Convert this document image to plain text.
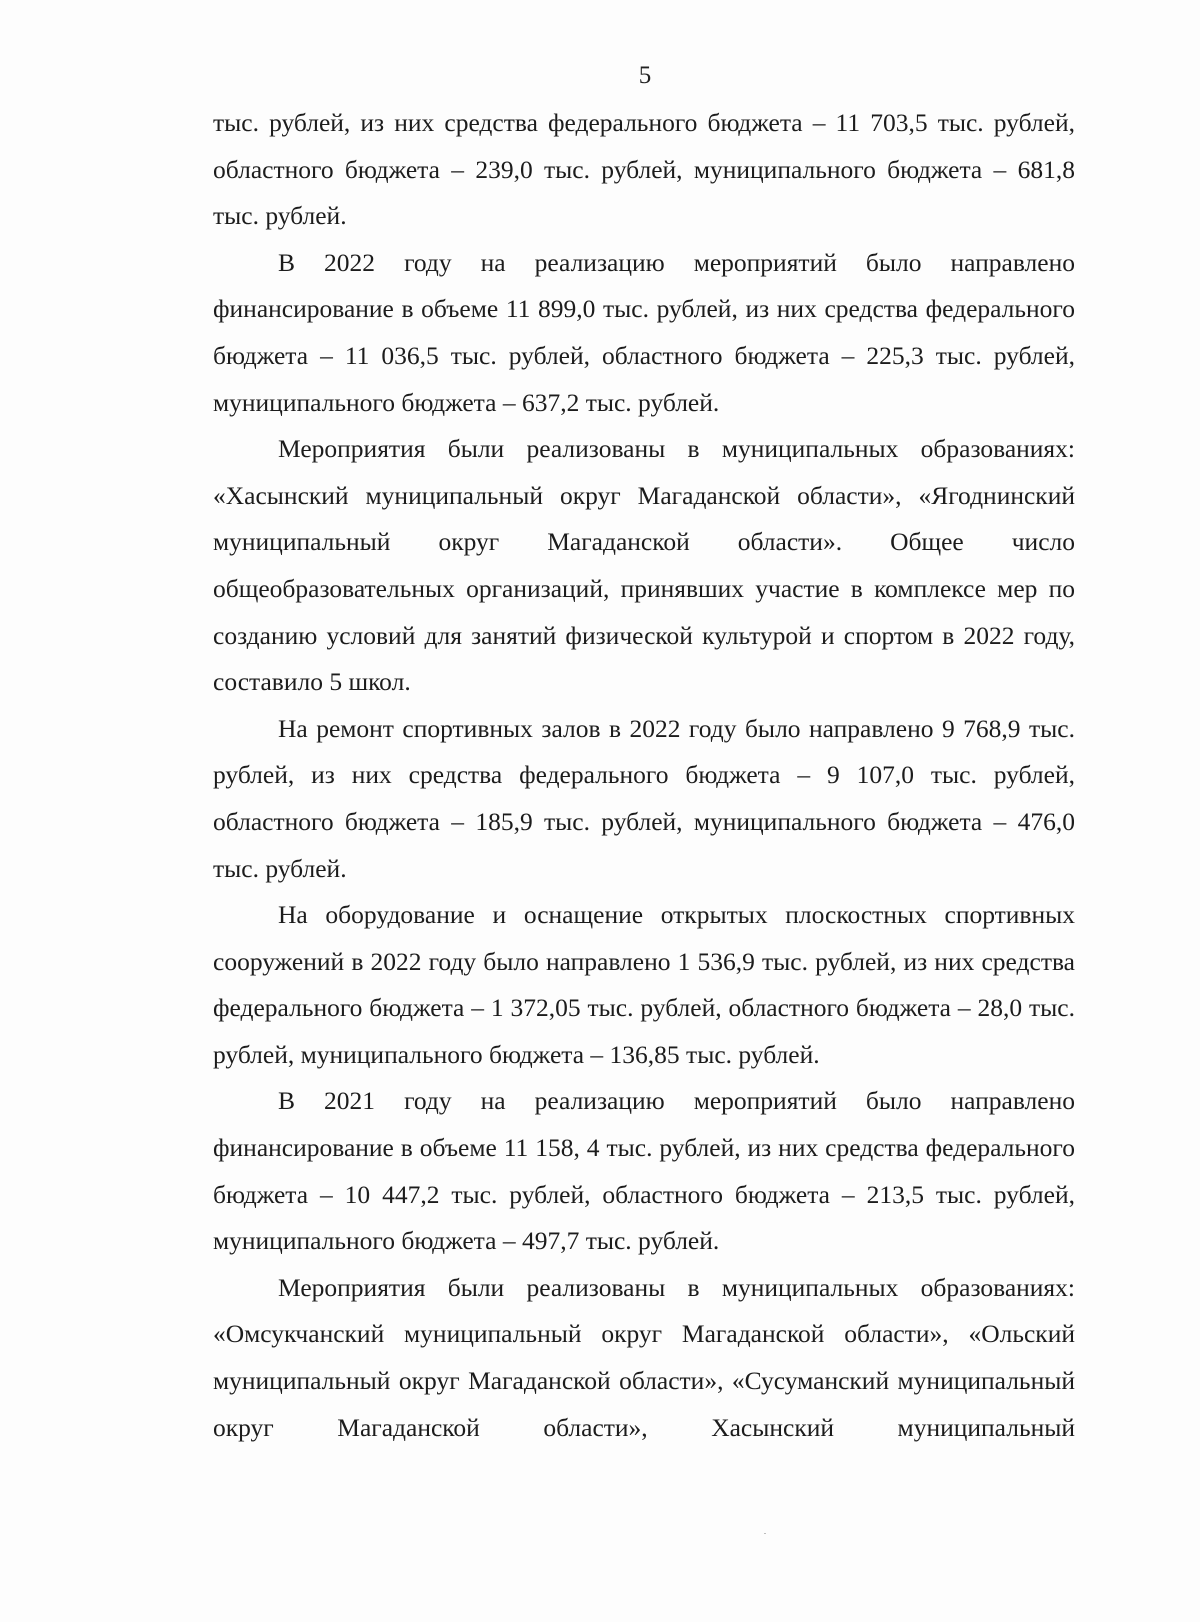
5

тыс. рублей, из них средства федерального бюджета – 11 703,5 тыс. рублей, областного бюджета – 239,0 тыс. рублей, муниципального бюджета – 681,8 тыс. рублей.

В 2022 году на реализацию мероприятий было направлено финансирование в объеме 11 899,0 тыс. рублей, из них средства федерального бюджета – 11 036,5 тыс. рублей, областного бюджета – 225,3 тыс. рублей, муниципального бюджета – 637,2 тыс. рублей.

Мероприятия были реализованы в муниципальных образованиях: «Хасынский муниципальный округ Магаданской области», «Ягоднинский муниципальный округ Магаданской области». Общее число общеобразовательных организаций, принявших участие в комплексе мер по созданию условий для занятий физической культурой и спортом в 2022 году, составило 5 школ.

На ремонт спортивных залов в 2022 году было направлено 9 768,9 тыс. рублей, из них средства федерального бюджета – 9 107,0 тыс. рублей, областного бюджета – 185,9 тыс. рублей, муниципального бюджета – 476,0 тыс. рублей.

На оборудование и оснащение открытых плоскостных спортивных сооружений в 2022 году было направлено 1 536,9 тыс. рублей, из них средства федерального бюджета – 1 372,05 тыс. рублей, областного бюджета – 28,0 тыс. рублей, муниципального бюджета – 136,85 тыс. рублей.

В 2021 году на реализацию мероприятий было направлено финансирование в объеме 11 158, 4 тыс. рублей, из них средства федерального бюджета – 10 447,2 тыс. рублей, областного бюджета – 213,5 тыс. рублей, муниципального бюджета – 497,7 тыс. рублей.

Мероприятия были реализованы в муниципальных образованиях: «Омсукчанский муниципальный округ Магаданской области», «Ольский муниципальный округ Магаданской области», «Сусуманский муниципальный округ Магаданской области», Хасынский муниципальный
